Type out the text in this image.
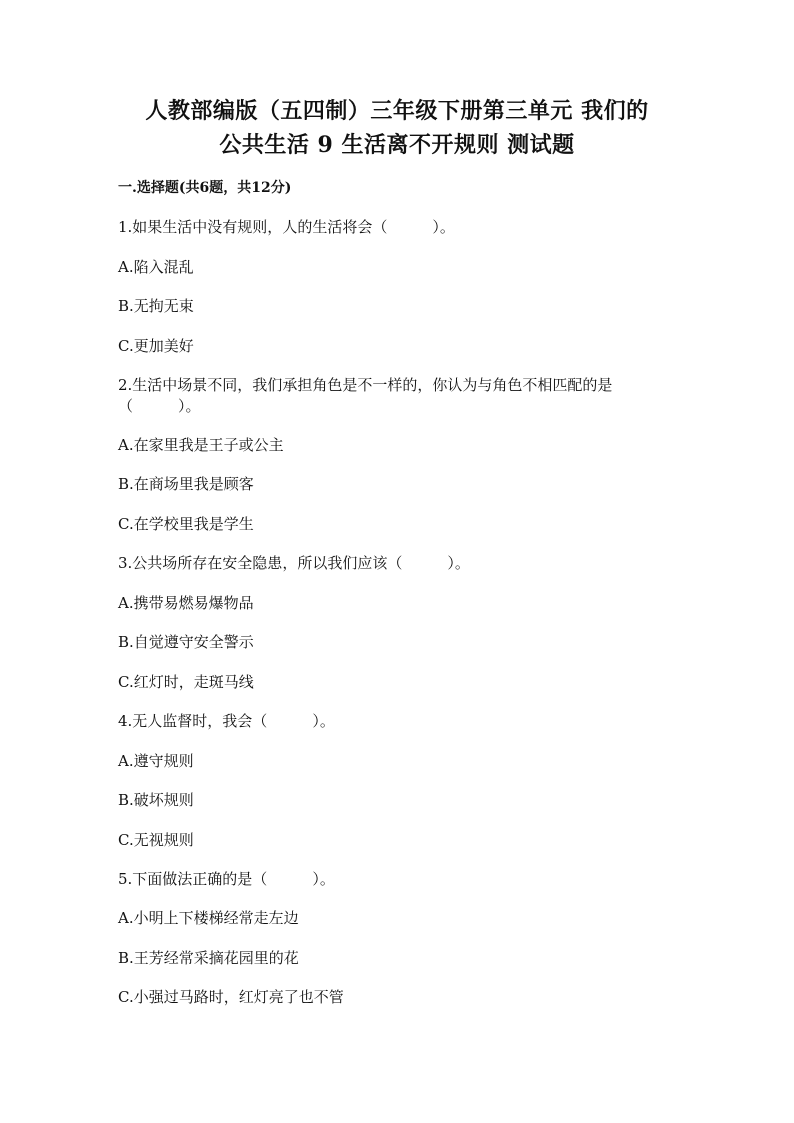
人教部编版（五四制）三年级下册第三单元 我们的
公共生活 9 生活离不开规则 测试题
一.选择题(共6题，共12分)
1.如果生活中没有规则，人的生活将会（　　　）。
A.陷入混乱
B.无拘无束
C.更加美好
2.生活中场景不同，我们承担角色是不一样的，你认为与角色不相匹配的是
（　　　）。
A.在家里我是王子或公主
B.在商场里我是顾客
C.在学校里我是学生
3.公共场所存在安全隐患，所以我们应该（　　　）。
A.携带易燃易爆物品
B.自觉遵守安全警示
C.红灯时，走斑马线
4.无人监督时，我会（　　　）。
A.遵守规则
B.破坏规则
C.无视规则
5.下面做法正确的是（　　　）。
A.小明上下楼梯经常走左边
B.王芳经常采摘花园里的花
C.小强过马路时，红灯亮了也不管
